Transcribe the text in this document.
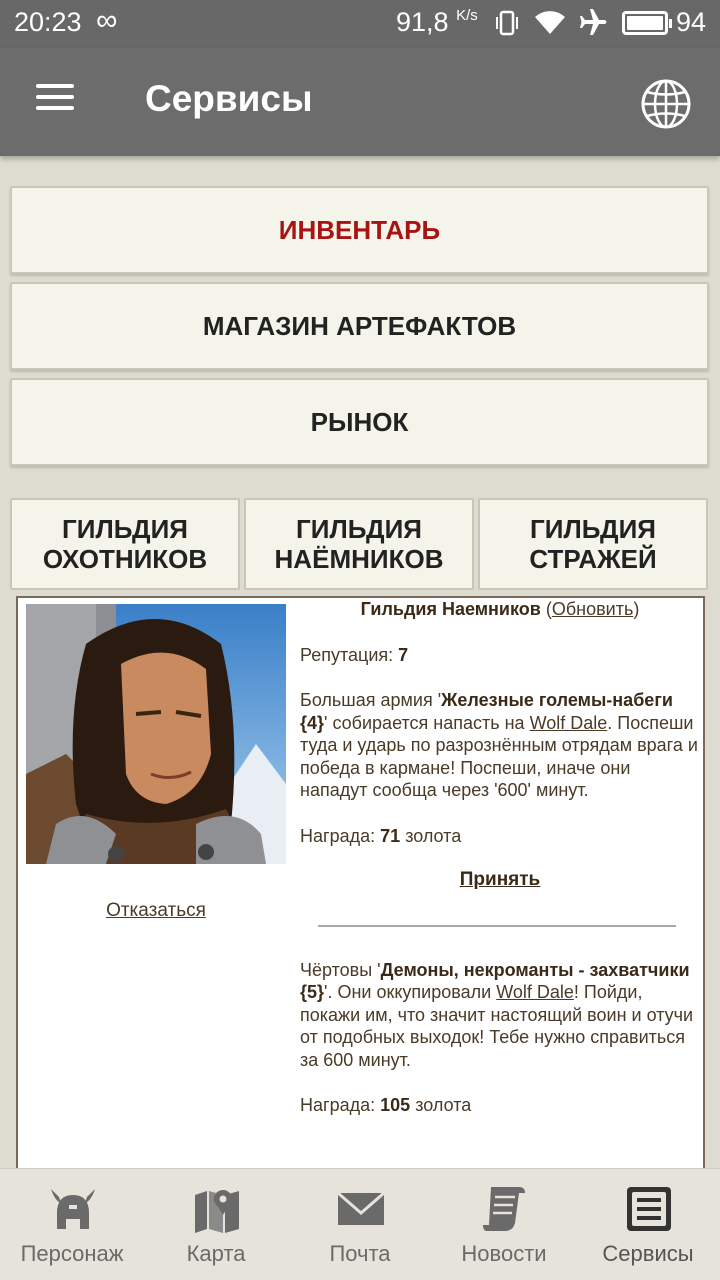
20:23 ∞	91,8 $^{K/s}$	94
Сервисы
ИНВЕНТАРЬ
МАГАЗИН АРТЕФАКТОВ
РЫНОК
ГИЛЬДИЯ
ОХОТНИКОВ
ГИЛЬДИЯ
НАЁМНИКОВ
ГИЛЬДИЯ
СТРАЖЕЙ
Отказаться

Гильдия Наемников (Обновить)

Репутация: 7

Большая армия 'Железные големы-набеги {4}' собирается напасть на Wolf Dale. Поспеши туда и ударь по разрознённым отрядам врага и победа в кармане! Поспеши, иначе они нападут сообща через '600' минут.

Награда: 71 золота

Принять

Чёртовы 'Демоны, некроманты - захватчики {5}'. Они оккупировали Wolf Dale! Пойди, покажи им, что значит настоящий воин и отучи от подобных выходок! Тебе нужно справиться за 600 минут.

Награда: 105 золота

Персонаж	Карта	Почта	Новости	Сервисы
